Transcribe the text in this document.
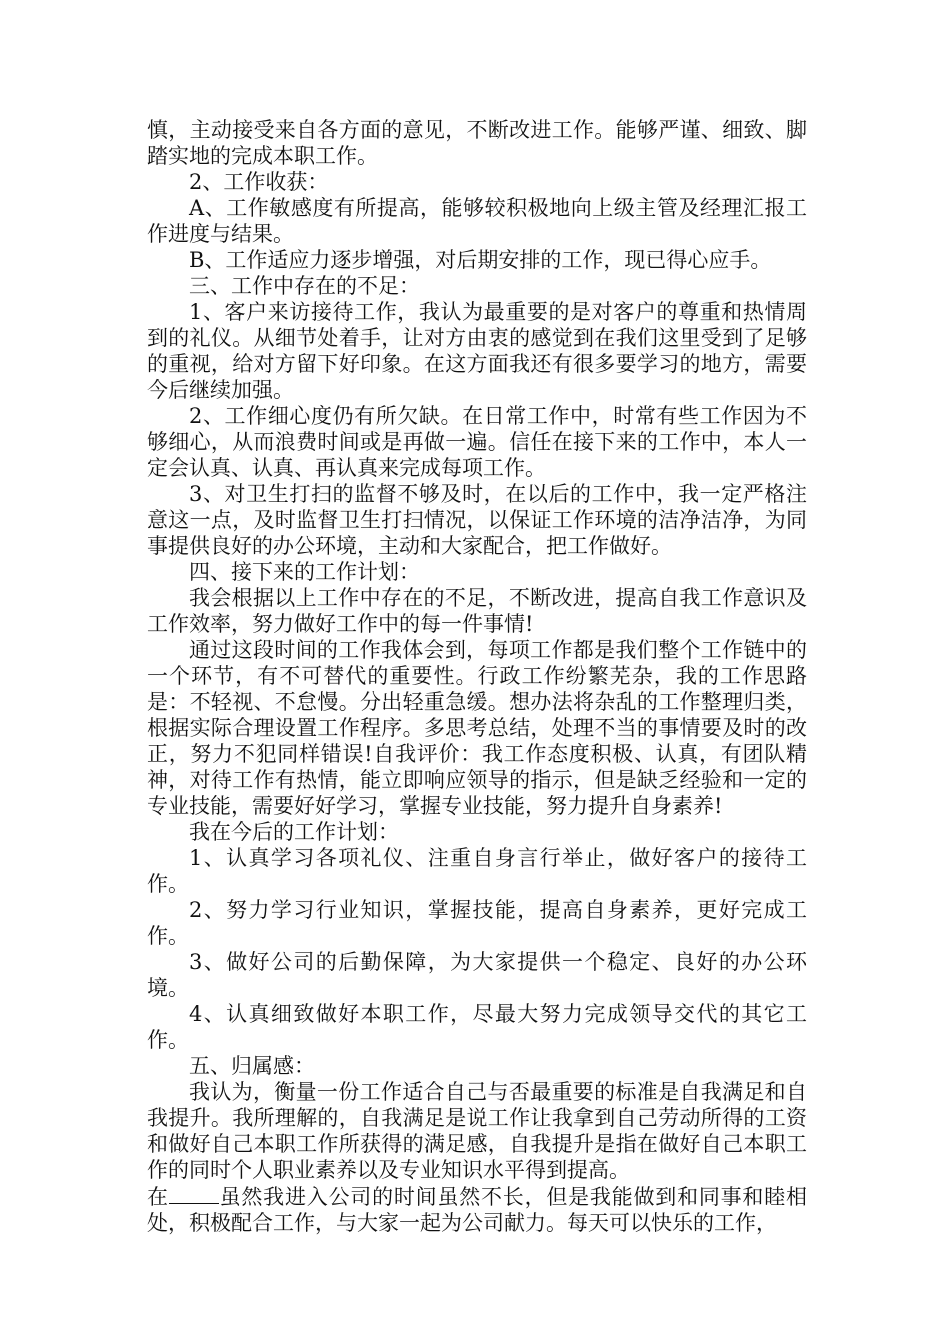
慎，主动接受来自各方面的意见，不断改进工作。能够严谨、细致、脚踏实地的完成本职工作。

2、工作收获：

A、工作敏感度有所提高，能够较积极地向上级主管及经理汇报工作进度与结果。

B、工作适应力逐步增强，对后期安排的工作，现已得心应手。

三、工作中存在的不足：

1、客户来访接待工作，我认为最重要的是对客户的尊重和热情周到的礼仪。从细节处着手，让对方由衷的感觉到在我们这里受到了足够的重视，给对方留下好印象。在这方面我还有很多要学习的地方，需要今后继续加强。

2、工作细心度仍有所欠缺。在日常工作中，时常有些工作因为不够细心，从而浪费时间或是再做一遍。信任在接下来的工作中，本人一定会认真、认真、再认真来完成每项工作。

3、对卫生打扫的监督不够及时，在以后的工作中，我一定严格注意这一点，及时监督卫生打扫情况，以保证工作环境的洁净洁净，为同事提供良好的办公环境，主动和大家配合，把工作做好。

四、接下来的工作计划：

我会根据以上工作中存在的不足，不断改进，提高自我工作意识及工作效率，努力做好工作中的每一件事情!

通过这段时间的工作我体会到，每项工作都是我们整个工作链中的一个环节，有不可替代的重要性。行政工作纷繁芜杂，我的工作思路是：不轻视、不怠慢。分出轻重急缓。想办法将杂乱的工作整理归类，根据实际合理设置工作程序。多思考总结，处理不当的事情要及时的改正，努力不犯同样错误!自我评价：我工作态度积极、认真，有团队精神，对待工作有热情，能立即响应领导的指示，但是缺乏经验和一定的专业技能，需要好好学习，掌握专业技能，努力提升自身素养!

我在今后的工作计划：

1、认真学习各项礼仪、注重自身言行举止，做好客户的接待工作。

2、努力学习行业知识，掌握技能，提高自身素养，更好完成工作。

3、做好公司的后勤保障，为大家提供一个稳定、良好的办公环境。

4、认真细致做好本职工作，尽最大努力完成领导交代的其它工作。

五、归属感：

我认为，衡量一份工作适合自己与否最重要的标准是自我满足和自我提升。我所理解的，自我满足是说工作让我拿到自己劳动所得的工资和做好自己本职工作所获得的满足感，自我提升是指在做好自己本职工作的同时个人职业素养以及专业知识水平得到提高。

在 虽然我进入公司的时间虽然不长，但是我能做到和同事和睦相处，积极配合工作，与大家一起为公司献力。每天可以快乐的工作，
